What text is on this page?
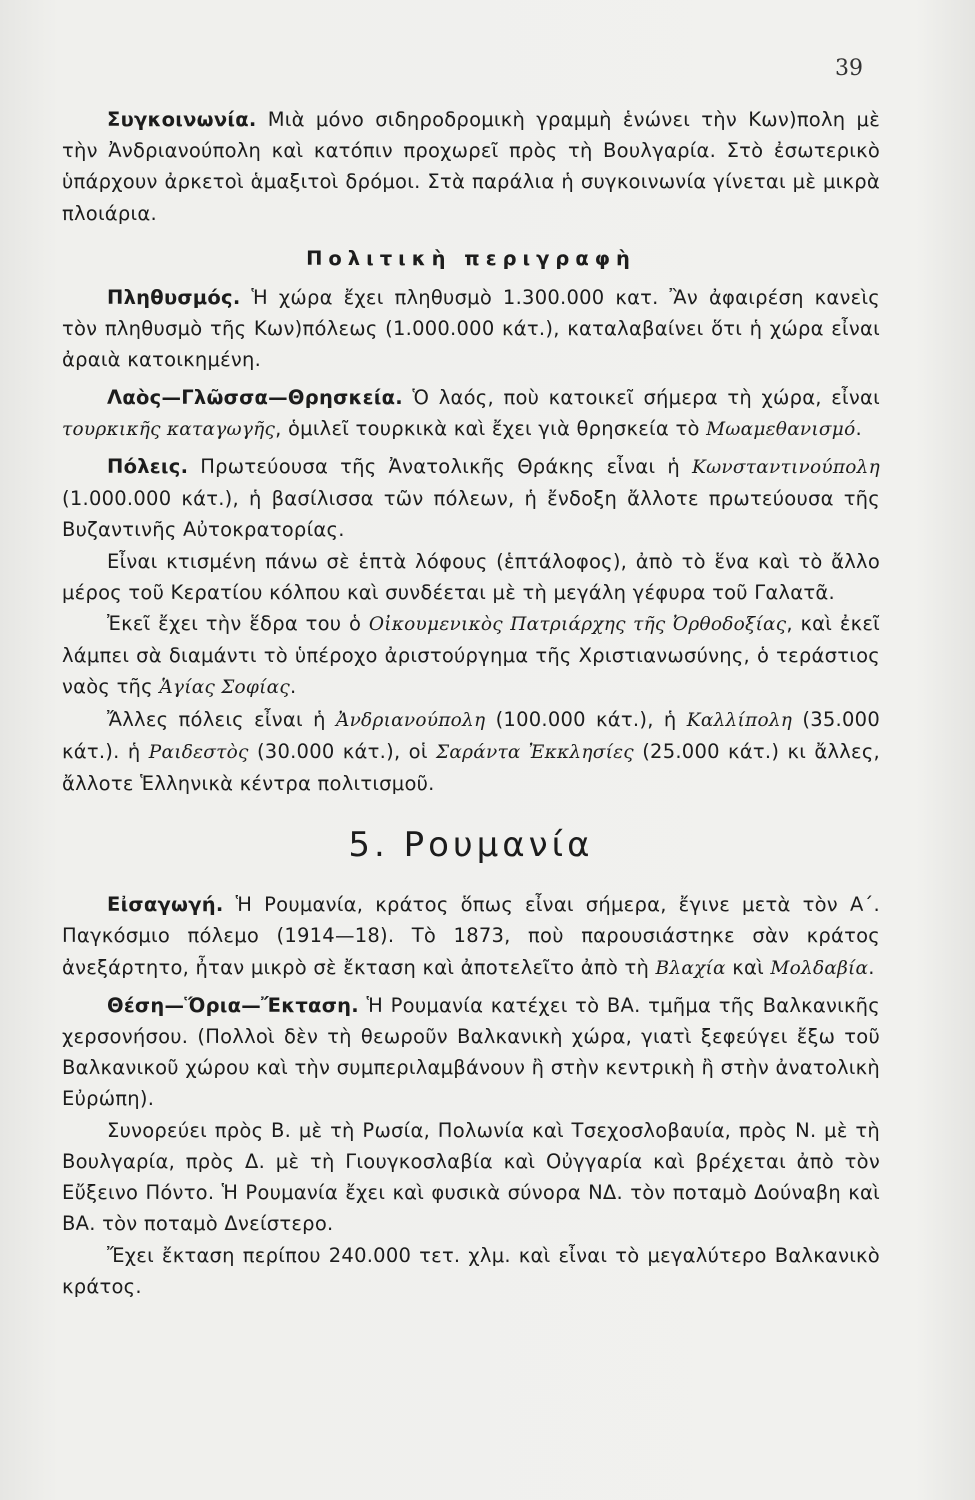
39

Συγκοινωνία. Μιὰ μόνο σιδηροδρομικὴ γραμμὴ ἑνώνει τὴν Κων)πολη μὲ τὴν Ἀνδριανούπολη καὶ κατόπιν προχωρεῖ πρὸς τὴ Βουλγαρία. Στὸ ἐσωτερικὸ ὑπάρχουν ἀρκετοὶ ἁμαξιτοὶ δρόμοι. Στὰ παράλια ἡ συγκοινωνία γίνεται μὲ μικρὰ πλοιάρια.

Πολιτικὴ περιγραφὴ

Πληθυσμός. Ἡ χώρα ἔχει πληθυσμὸ 1.300.000 κατ. Ἂν ἀφαιρέση κανεὶς τὸν πληθυσμὸ τῆς Κων)πόλεως (1.000.000 κάτ.), καταλαβαίνει ὅτι ἡ χώρα εἶναι ἀραιὰ κατοικημένη.

Λαὸς—Γλῶσσα—Θρησκεία. Ὁ λαός, ποὺ κατοικεῖ σήμερα τὴ χώρα, εἶναι τουρκικῆς καταγωγῆς, ὁμιλεῖ τουρκικὰ καὶ ἔχει γιὰ θρησκεία τὸ Μωαμεθανισμό.

Πόλεις. Πρωτεύουσα τῆς Ἀνατολικῆς Θράκης εἶναι ἡ Κωνσταντινούπολη (1.000.000 κάτ.), ἡ βασίλισσα τῶν πόλεων, ἡ ἔνδοξη ἄλλοτε πρωτεύουσα τῆς Βυζαντινῆς Αὐτοκρατορίας.

Εἶναι κτισμένη πάνω σὲ ἑπτὰ λόφους (ἑπτάλοφος), ἀπὸ τὸ ἕνα καὶ τὸ ἄλλο μέρος τοῦ Κερατίου κόλπου καὶ συνδέεται μὲ τὴ μεγάλη γέφυρα τοῦ Γαλατᾶ.

Ἐκεῖ ἔχει τὴν ἕδρα του ὁ Οἰκουμενικὸς Πατριάρχης τῆς Ὀρθοδοξίας, καὶ ἐκεῖ λάμπει σὰ διαμάντι τὸ ὑπέροχο ἀριστούργημα τῆς Χριστιανωσύνης, ὁ τεράστιος ναὸς τῆς Ἁγίας Σοφίας.

Ἄλλες πόλεις εἶναι ἡ Ἀνδριανούπολη (100.000 κάτ.), ἡ Καλλίπολη (35.000 κάτ.). ἡ Ραιδεστὸς (30.000 κάτ.), οἱ Σαράντα Ἐκκλησίες (25.000 κάτ.) κι ἄλλες, ἄλλοτε Ἑλληνικὰ κέντρα πολιτισμοῦ.

5. Ρουμανία

Εἰσαγωγή. Ἡ Ρουμανία, κράτος ὅπως εἶναι σήμερα, ἔγινε μετὰ τὸν Α΄. Παγκόσμιο πόλεμο (1914—18). Τὸ 1873, ποὺ παρουσιάστηκε σὰν κράτος ἀνεξάρτητο, ἦταν μικρὸ σὲ ἔκταση καὶ ἀποτελεῖτο ἀπὸ τὴ Βλαχία καὶ Μολδαβία.

Θέση—Ὅρια—Ἔκταση. Ἡ Ρουμανία κατέχει τὸ ΒΑ. τμῆμα τῆς Βαλκανικῆς χερσονήσου. (Πολλοὶ δὲν τὴ θεωροῦν Βαλκανικὴ χώρα, γιατὶ ξεφεύγει ἔξω τοῦ Βαλκανικοῦ χώρου καὶ τὴν συμπεριλαμβάνουν ἢ στὴν κεντρικὴ ἢ στὴν ἀνατολικὴ Εὐρώπη).

Συνορεύει πρὸς Β. μὲ τὴ Ρωσία, Πολωνία καὶ Τσεχοσλοβαυία, πρὸς Ν. μὲ τὴ Βουλγαρία, πρὸς Δ. μὲ τὴ Γιουγκοσλαβία καὶ Οὐγγαρία καὶ βρέχεται ἀπὸ τὸν Εὔξεινο Πόντο. Ἡ Ρουμανία ἔχει καὶ φυσικὰ σύνορα ΝΔ. τὸν ποταμὸ Δούναβη καὶ ΒΑ. τὸν ποταμὸ Δνείστερο.

Ἔχει ἔκταση περίπου 240.000 τετ. χλμ. καὶ εἶναι τὸ μεγαλύτερο Βαλκανικὸ κράτος.
